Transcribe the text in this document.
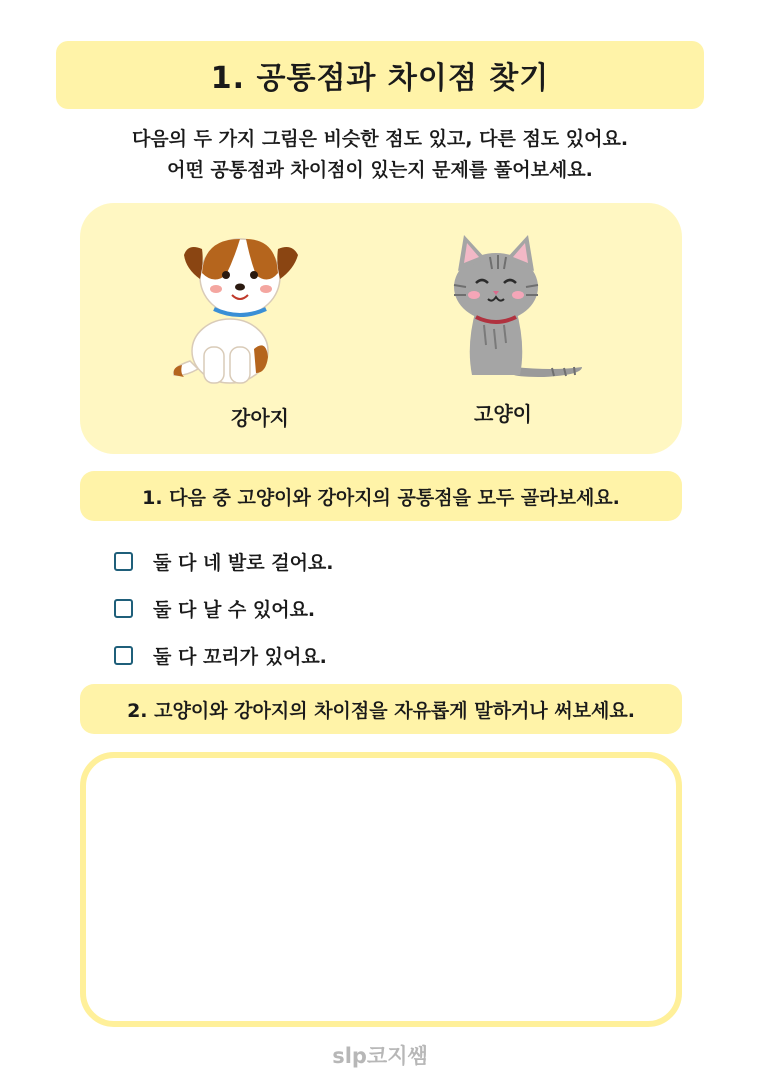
1. 공통점과 차이점 찾기

다음의 두 가지 그림은 비슷한 점도 있고, 다른 점도 있어요.

어떤 공통점과 차이점이 있는지 문제를 풀어보세요.

강아지	고양이
1. 다음 중 고양이와 강아지의 공통점을 모두 골라보세요.
둘 다 네 발로 걸어요.
둘 다 날 수 있어요.
둘 다 꼬리가 있어요.
2. 고양이와 강아지의 차이점을 자유롭게 말하거나 써보세요.
slp코지쌤
